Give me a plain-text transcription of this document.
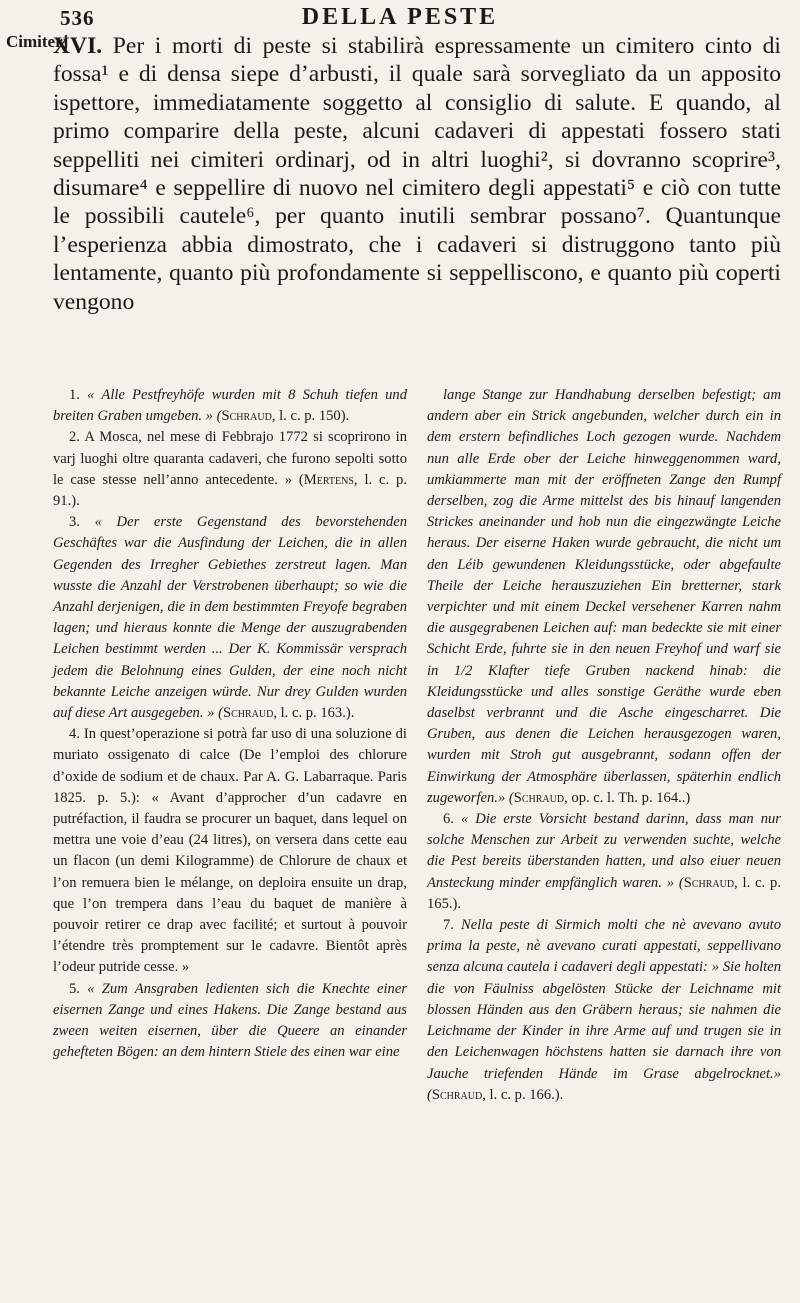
536	DELLA PESTE
Cimiterj

XVI. Per i morti di peste si stabilirà espressamente un cimitero cinto di fossa¹ e di densa siepe d’arbusti, il quale sarà sorvegliato da un apposito ispettore, immediatamente soggetto al consiglio di salute. E quando, al primo comparire della peste, alcuni cadaveri di appestati fossero stati seppelliti nei cimiteri ordinarj, od in altri luoghi², si dovranno scoprire³, disumare⁴ e seppellire di nuovo nel cimitero degli appestati⁵ e ciò con tutte le possibili cautele⁶, per quanto inutili sembrar possano⁷. Quantunque l’esperienza abbia dimostrato, che i cadaveri si distruggono tanto più lentamente, quanto più profondamente si seppelliscono, e quanto più coperti vengono

1. « Alle Pestfreyhöfe wurden mit 8 Schuh tiefen und breiten Graben umgeben. » (Schraud, l. c. p. 150).

2. A Mosca, nel mese di Febbrajo 1772 si scoprirono in varj luoghi oltre quaranta cadaveri, che furono sepolti sotto le case stesse nell’anno antecedente. » (Mertens, l. c. p. 91.).

3. « Der erste Gegenstand des bevorstehenden Geschäftes war die Ausfindung der Leichen, die in allen Gegenden des Irregher Gebiethes zerstreut lagen. Man wusste die Anzahl der Verstrobenen überhaupt; so wie die Anzahl derjenigen, die in dem bestimmten Freyofe begraben lagen; und hieraus konnte die Menge der auszugrabenden Leichen bestimmt werden ... Der K. Kommissär versprach jedem die Belohnung eines Gulden, der eine noch nicht bekannte Leiche anzeigen würde. Nur drey Gulden wurden auf diese Art ausgegeben. » (Schraud, l. c. p. 163.).

4. In quest’operazione si potrà far uso di una soluzione di muriato ossigenato di calce (De l’emploi des chlorure d’oxide de sodium et de chaux. Par A. G. Labarraque. Paris 1825. p. 5.): « Avant d’approcher d’un cadavre en putréfaction, il faudra se procurer un baquet, dans lequel on mettra une voie d’eau (24 litres), on versera dans cette eau un flacon (un demi Kilogramme) de Chlorure de chaux et l’on remuera bien le mélange, on deploira ensuite un drap, que l’on trempera dans l’eau du baquet de manière à pouvoir retirer ce drap avec facilité; et surtout à pouvoir l’étendre très promptement sur le cadavre. Bientôt après l’odeur putride cesse. »

5. « Zum Ansgraben ledienten sich die Knechte einer eisernen Zange und eines Hakens. Die Zange bestand aus zween weiten eisernen, über die Queere an einander gehefteten Bögen: an dem hintern Stiele des einen war eine

lange Stange zur Handhabung derselben befestigt; am andern aber ein Strick angebunden, welcher durch ein in dem erstern befindliches Loch gezogen wurde. Nachdem nun alle Erde ober der Leiche hinweggenommen ward, umkiammerte man mit der eröffneten Zange den Rumpf derselben, zog die Arme mittelst des bis hinauf langenden Strickes aneinander und hob nun die eingezwängte Leiche heraus. Der eiserne Haken wurde gebraucht, die nicht um den Léib gewundenen Kleidungsstücke, oder abgefaulte Theile der Leiche herauszuziehen Ein bretterner, stark verpichter und mit einem Deckel versehener Karren nahm die ausgegrabenen Leichen auf: man bedeckte sie mit einer Schicht Erde, fuhrte sie in den neuen Freyhof und warf sie in 1/2 Klafter tiefe Gruben nackend hinab: die Kleidungsstücke und alles sonstige Geräthe wurde eben daselbst verbrannt und die Asche eingescharret. Die Gruben, aus denen die Leichen herausgezogen waren, wurden mit Stroh gut ausgebrannt, sodann offen der Einwirkung der Atmosphäre überlassen, späterhin endlich zugeworfen.» (Schraud, op. c. l. Th. p. 164..)

6. « Die erste Vorsicht bestand darinn, dass man nur solche Menschen zur Arbeit zu verwenden suchte, welche die Pest bereits überstanden hatten, und also eiuer neuen Ansteckung minder empfänglich waren. » (Schraud, l. c. p. 165.).

7. Nella peste di Sirmich molti che nè avevano avuto prima la peste, nè avevano curati appestati, seppellivano senza alcuna cautela i cadaveri degli appestati: » Sie holten die von Fäulniss abgelösten Stücke der Leichname mit blossen Händen aus den Gräbern heraus; sie nahmen die Leichname der Kinder in ihre Arme auf und trugen sie in den Leichenwagen höchstens hatten sie darnach ihre von Jauche triefenden Hände im Grase abgelrocknet.» (Schraud, l. c. p. 166.).
